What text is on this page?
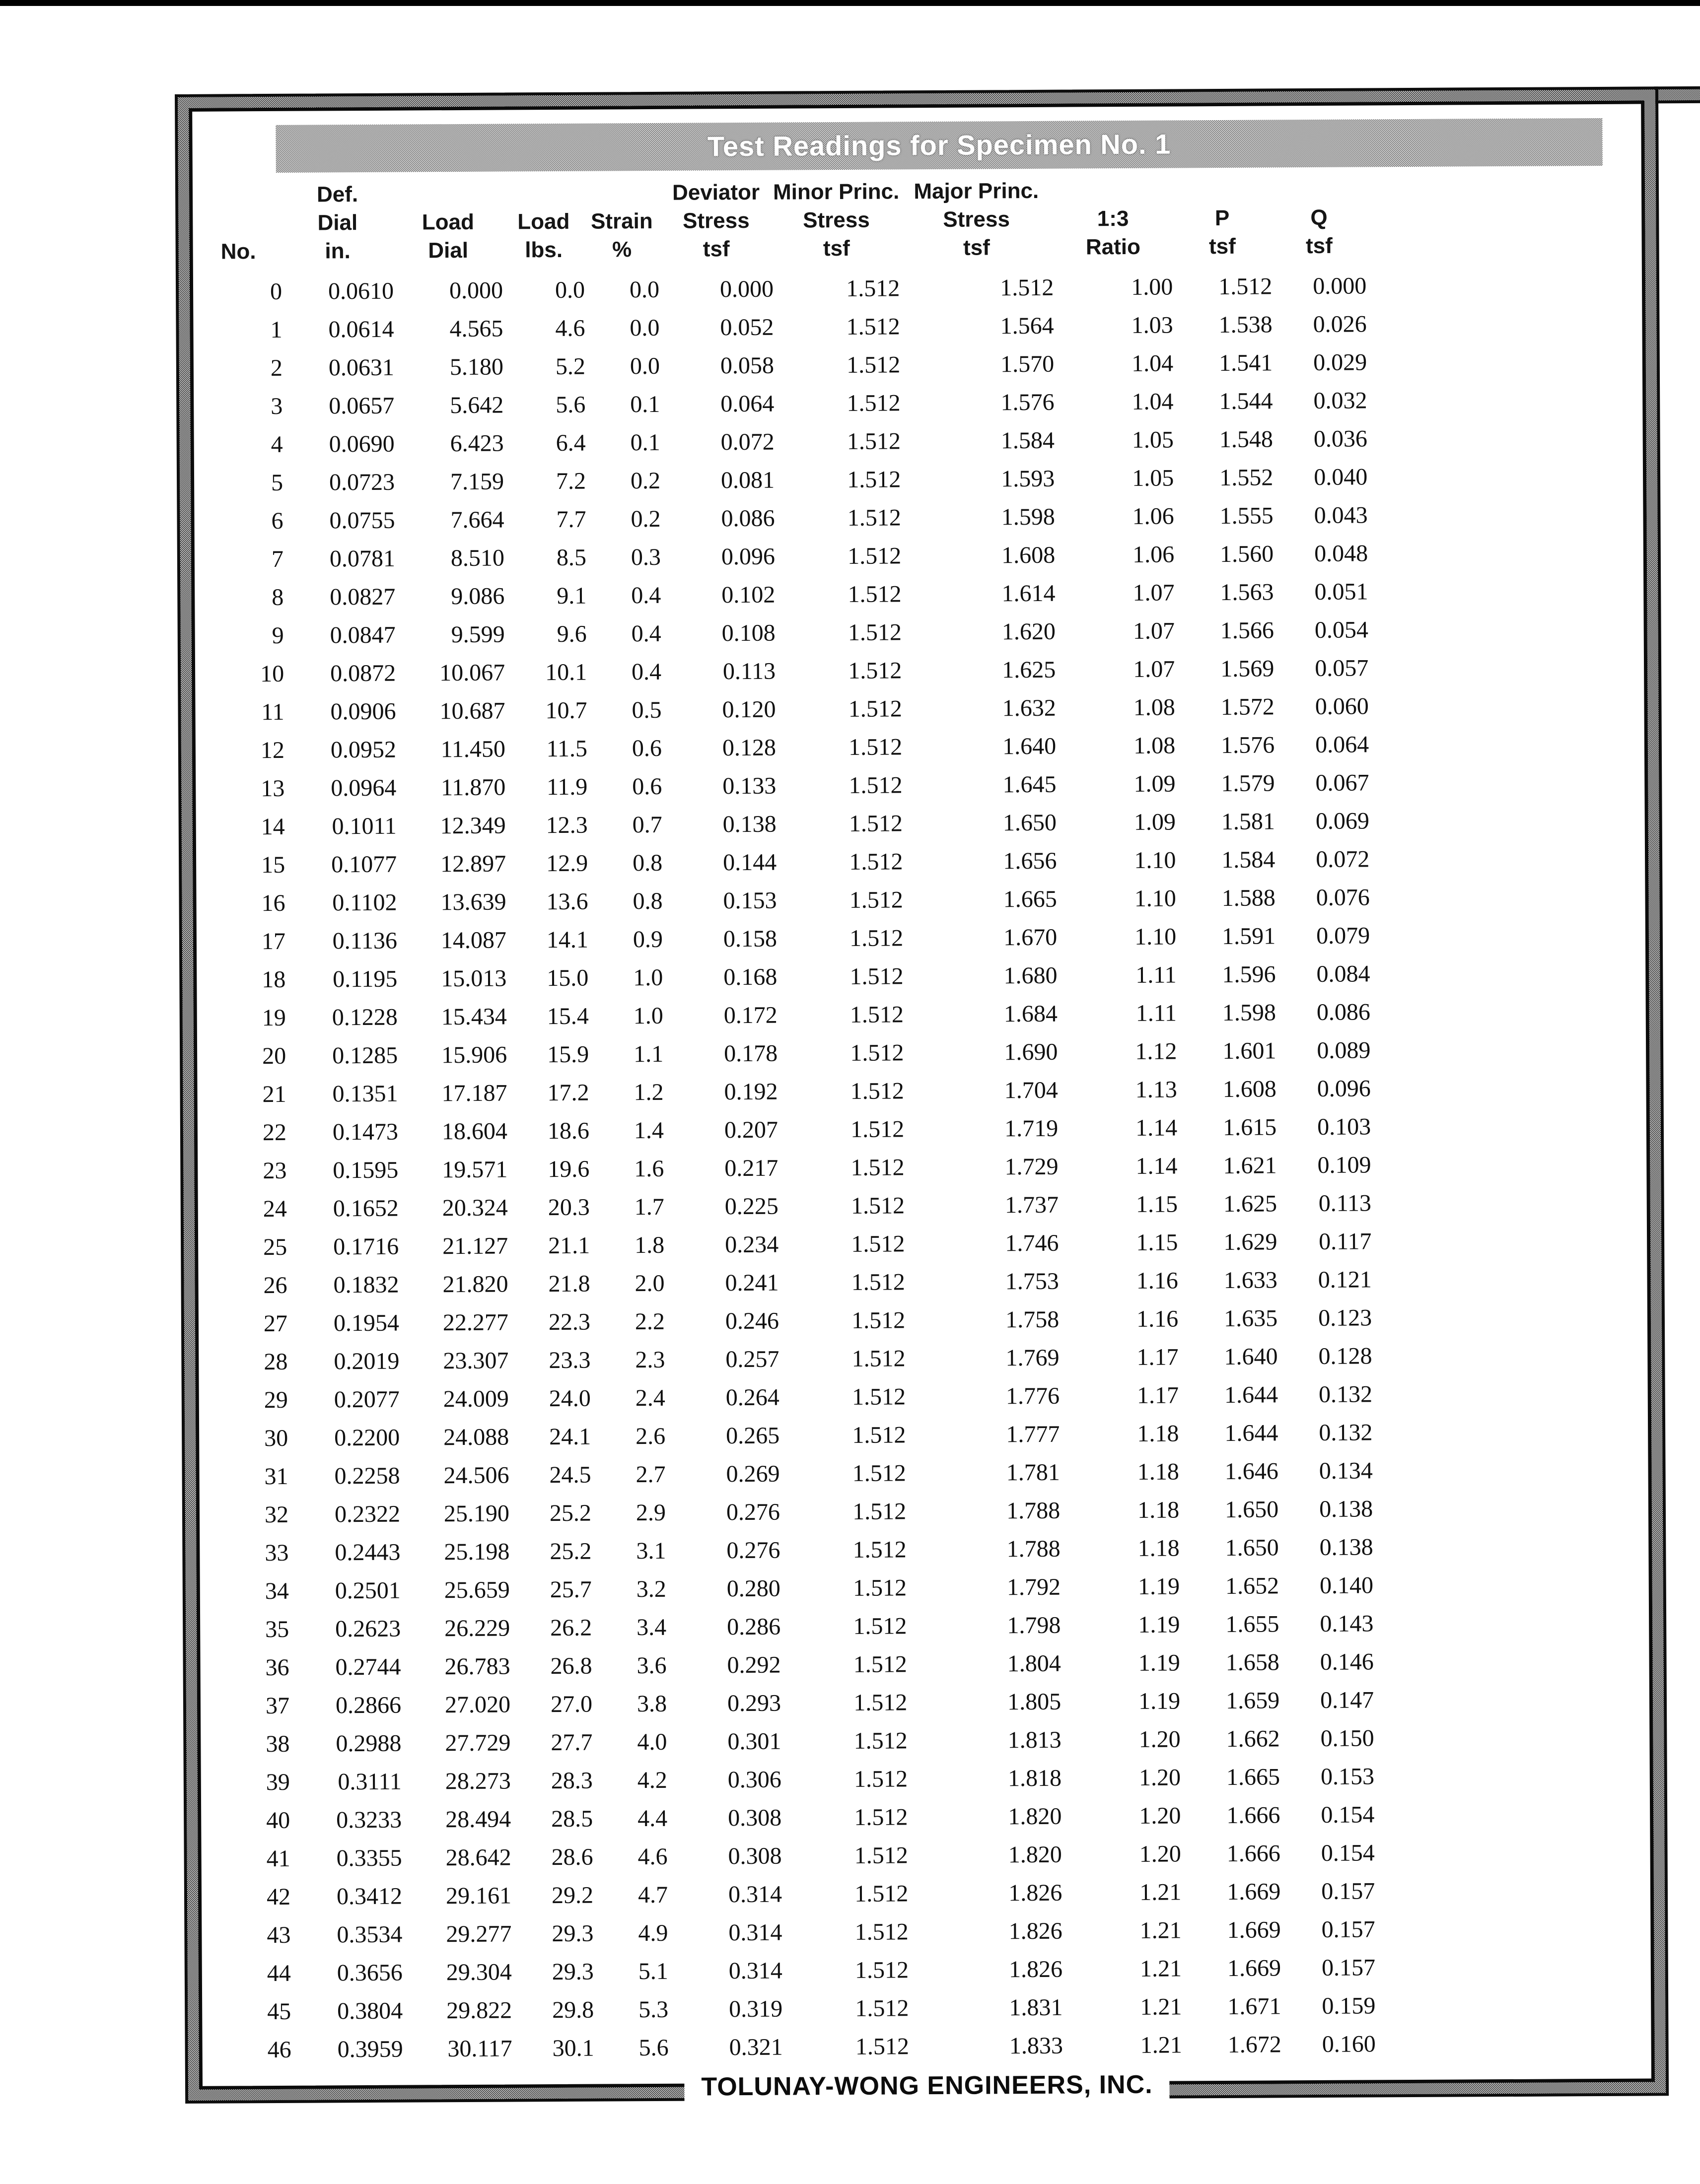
Test Readings for Specimen No. 1
	Def.				Deviator	Minor Princ.	Major Princ.			
	Dial	Load	Load	Strain	Stress	Stress	Stress	1:3	P	Q
No.	in.	Dial	lbs.	%	tsf	tsf	tsf	Ratio	tsf	tsf
0	0.0610	0.000	0.0	0.0	0.000	1.512	1.512	1.00	1.512	0.000
1	0.0614	4.565	4.6	0.0	0.052	1.512	1.564	1.03	1.538	0.026
2	0.0631	5.180	5.2	0.0	0.058	1.512	1.570	1.04	1.541	0.029
3	0.0657	5.642	5.6	0.1	0.064	1.512	1.576	1.04	1.544	0.032
4	0.0690	6.423	6.4	0.1	0.072	1.512	1.584	1.05	1.548	0.036
5	0.0723	7.159	7.2	0.2	0.081	1.512	1.593	1.05	1.552	0.040
6	0.0755	7.664	7.7	0.2	0.086	1.512	1.598	1.06	1.555	0.043
7	0.0781	8.510	8.5	0.3	0.096	1.512	1.608	1.06	1.560	0.048
8	0.0827	9.086	9.1	0.4	0.102	1.512	1.614	1.07	1.563	0.051
9	0.0847	9.599	9.6	0.4	0.108	1.512	1.620	1.07	1.566	0.054
10	0.0872	10.067	10.1	0.4	0.113	1.512	1.625	1.07	1.569	0.057
11	0.0906	10.687	10.7	0.5	0.120	1.512	1.632	1.08	1.572	0.060
12	0.0952	11.450	11.5	0.6	0.128	1.512	1.640	1.08	1.576	0.064
13	0.0964	11.870	11.9	0.6	0.133	1.512	1.645	1.09	1.579	0.067
14	0.1011	12.349	12.3	0.7	0.138	1.512	1.650	1.09	1.581	0.069
15	0.1077	12.897	12.9	0.8	0.144	1.512	1.656	1.10	1.584	0.072
16	0.1102	13.639	13.6	0.8	0.153	1.512	1.665	1.10	1.588	0.076
17	0.1136	14.087	14.1	0.9	0.158	1.512	1.670	1.10	1.591	0.079
18	0.1195	15.013	15.0	1.0	0.168	1.512	1.680	1.11	1.596	0.084
19	0.1228	15.434	15.4	1.0	0.172	1.512	1.684	1.11	1.598	0.086
20	0.1285	15.906	15.9	1.1	0.178	1.512	1.690	1.12	1.601	0.089
21	0.1351	17.187	17.2	1.2	0.192	1.512	1.704	1.13	1.608	0.096
22	0.1473	18.604	18.6	1.4	0.207	1.512	1.719	1.14	1.615	0.103
23	0.1595	19.571	19.6	1.6	0.217	1.512	1.729	1.14	1.621	0.109
24	0.1652	20.324	20.3	1.7	0.225	1.512	1.737	1.15	1.625	0.113
25	0.1716	21.127	21.1	1.8	0.234	1.512	1.746	1.15	1.629	0.117
26	0.1832	21.820	21.8	2.0	0.241	1.512	1.753	1.16	1.633	0.121
27	0.1954	22.277	22.3	2.2	0.246	1.512	1.758	1.16	1.635	0.123
28	0.2019	23.307	23.3	2.3	0.257	1.512	1.769	1.17	1.640	0.128
29	0.2077	24.009	24.0	2.4	0.264	1.512	1.776	1.17	1.644	0.132
30	0.2200	24.088	24.1	2.6	0.265	1.512	1.777	1.18	1.644	0.132
31	0.2258	24.506	24.5	2.7	0.269	1.512	1.781	1.18	1.646	0.134
32	0.2322	25.190	25.2	2.9	0.276	1.512	1.788	1.18	1.650	0.138
33	0.2443	25.198	25.2	3.1	0.276	1.512	1.788	1.18	1.650	0.138
34	0.2501	25.659	25.7	3.2	0.280	1.512	1.792	1.19	1.652	0.140
35	0.2623	26.229	26.2	3.4	0.286	1.512	1.798	1.19	1.655	0.143
36	0.2744	26.783	26.8	3.6	0.292	1.512	1.804	1.19	1.658	0.146
37	0.2866	27.020	27.0	3.8	0.293	1.512	1.805	1.19	1.659	0.147
38	0.2988	27.729	27.7	4.0	0.301	1.512	1.813	1.20	1.662	0.150
39	0.3111	28.273	28.3	4.2	0.306	1.512	1.818	1.20	1.665	0.153
40	0.3233	28.494	28.5	4.4	0.308	1.512	1.820	1.20	1.666	0.154
41	0.3355	28.642	28.6	4.6	0.308	1.512	1.820	1.20	1.666	0.154
42	0.3412	29.161	29.2	4.7	0.314	1.512	1.826	1.21	1.669	0.157
43	0.3534	29.277	29.3	4.9	0.314	1.512	1.826	1.21	1.669	0.157
44	0.3656	29.304	29.3	5.1	0.314	1.512	1.826	1.21	1.669	0.157
45	0.3804	29.822	29.8	5.3	0.319	1.512	1.831	1.21	1.671	0.159
46	0.3959	30.117	30.1	5.6	0.321	1.512	1.833	1.21	1.672	0.160
TOLUNAY-WONG ENGINEERS, INC.
